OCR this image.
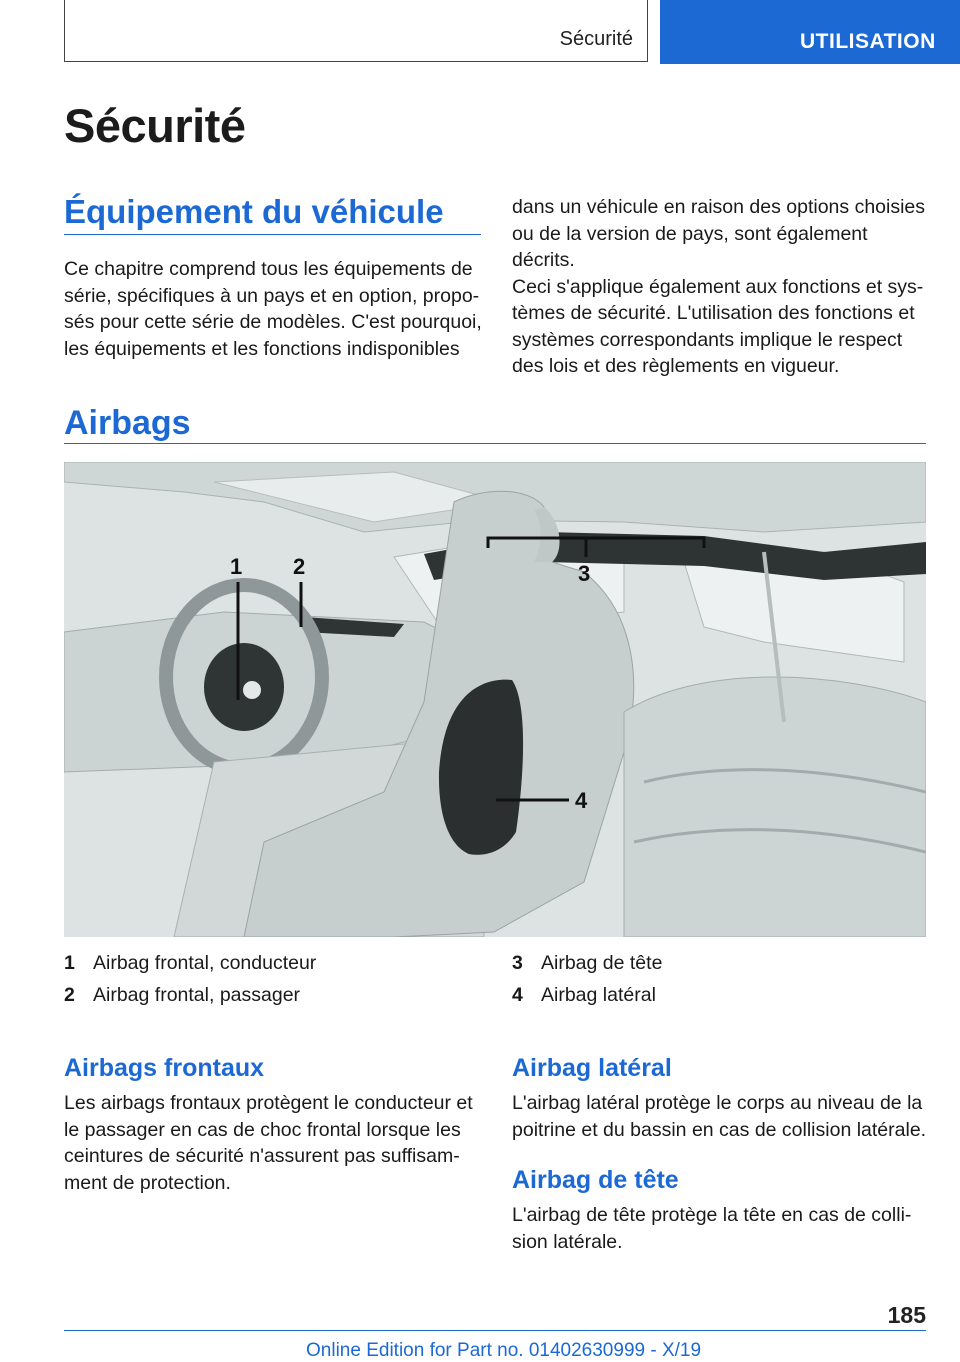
Sécurité	UTILISATION
Sécurité
Équipement du véhicule
Ce chapitre comprend tous les équipements de
série, spécifiques à un pays et en option, propo-
sés pour cette série de modèles. C'est pourquoi,
les équipements et les fonctions indisponibles
dans un véhicule en raison des options choisies
ou de la version de pays, sont également décrits.
Ceci s'applique également aux fonctions et sys-
tèmes de sécurité. L'utilisation des fonctions et
systèmes correspondants implique le respect
des lois et des règlements en vigueur.
Airbags
1 2	3
4
1 Airbag frontal, conducteur
2 Airbag frontal, passager
3 Airbag de tête
4 Airbag latéral
Airbags frontaux
Les airbags frontaux protègent le conducteur et
le passager en cas de choc frontal lorsque les
ceintures de sécurité n'assurent pas suffisam-
ment de protection.
Airbag latéral
L'airbag latéral protège le corps au niveau de la
poitrine et du bassin en cas de collision latérale.
Airbag de tête
L'airbag de tête protège la tête en cas de colli-
sion latérale.
185
Online Edition for Part no. 01402630999 - X/19
